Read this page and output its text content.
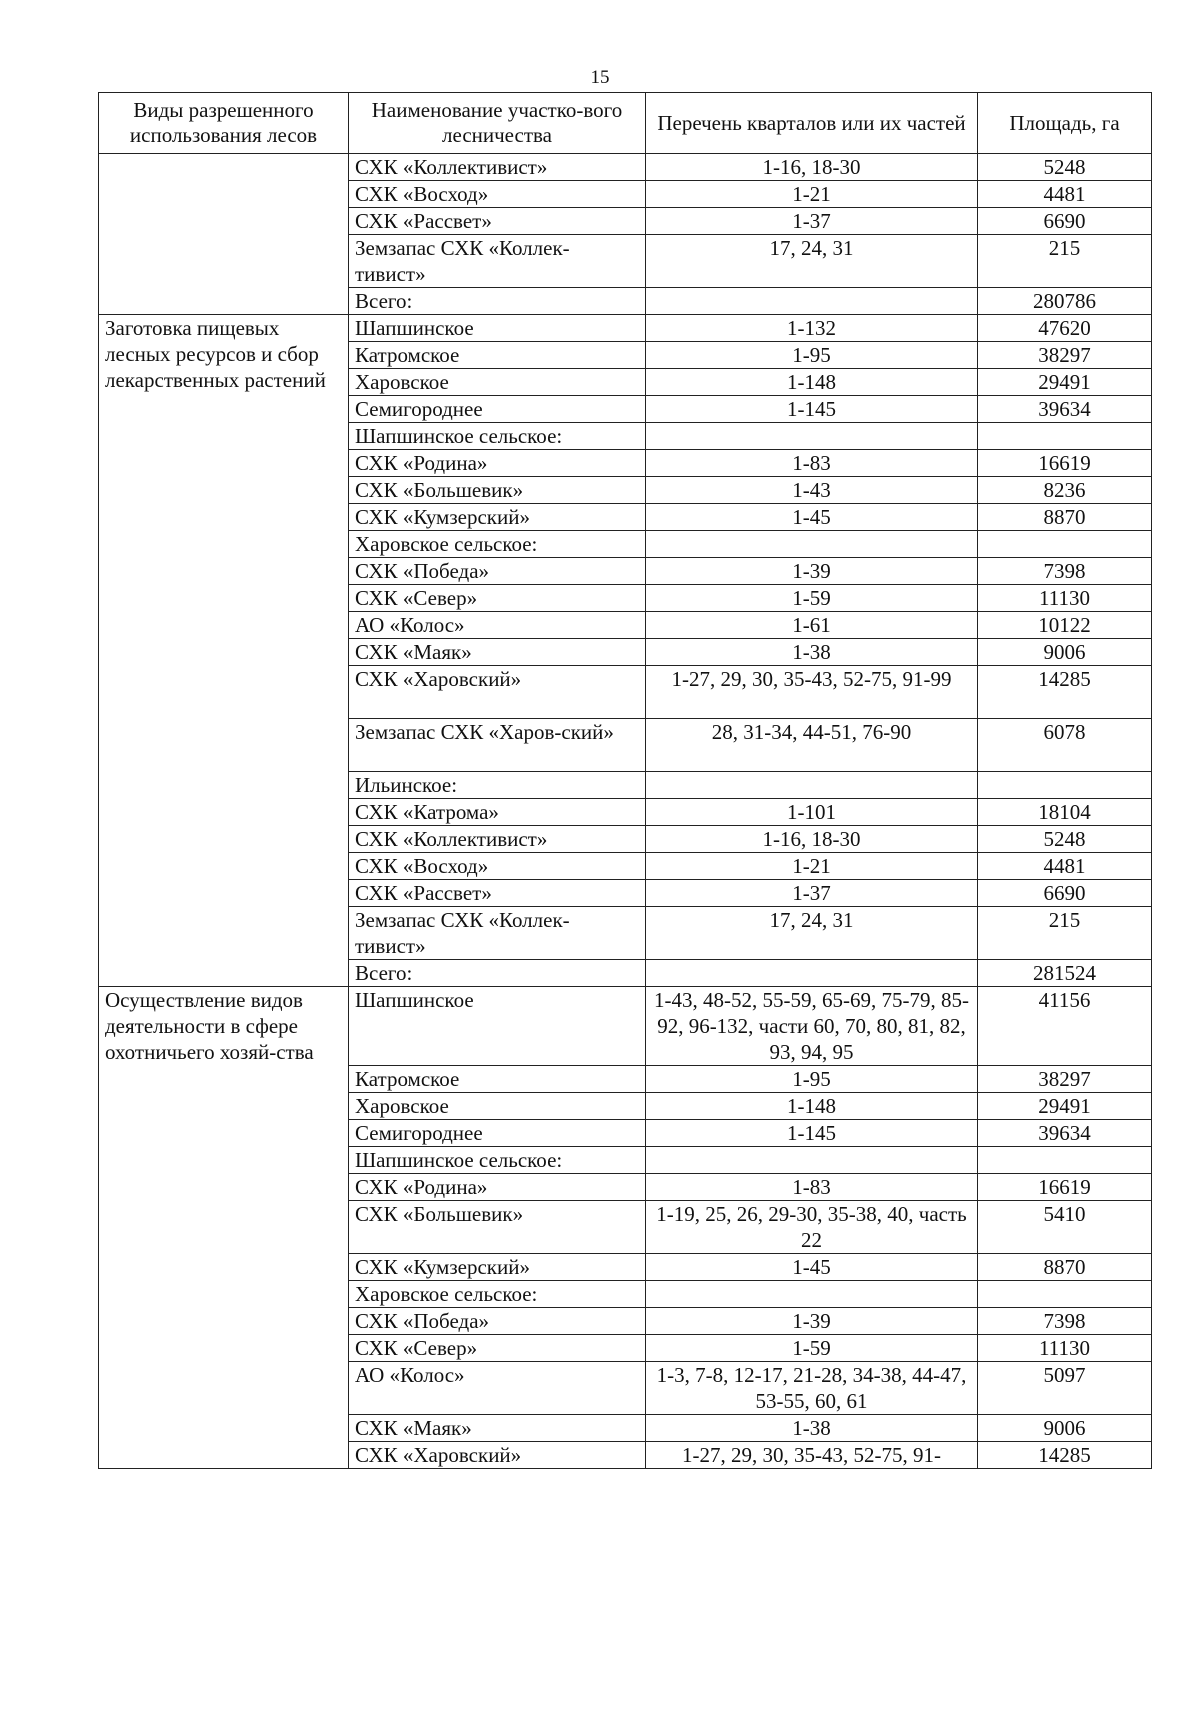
15
Виды разрешенного использования лесов	Наименование участко-вого лесничества	Перечень кварталов или их частей	Площадь, га
	СХК «Коллективист»	1-16, 18-30	5248
	СХК «Восход»	1-21	4481
	СХК «Рассвет»	1-37	6690
	Земзапас СХК «Коллек-тивист»	17, 24, 31	215
	Всего:		280786
Заготовка пищевых лесных ресурсов и сбор лекарственных растений	Шапшинское	1-132	47620
	Катромское	1-95	38297
	Харовское	1-148	29491
	Семигороднее	1-145	39634
	Шапшинское сельское:		
	СХК «Родина»	1-83	16619
	СХК «Большевик»	1-43	8236
	СХК «Кумзерский»	1-45	8870
	Харовское сельское:		
	СХК «Победа»	1-39	7398
	СХК «Север»	1-59	11130
	АО «Колос»	1-61	10122
	СХК «Маяк»	1-38	9006
	СХК «Харовский»	1-27, 29, 30, 35-43, 52-75, 91-99	14285
	Земзапас СХК «Харов-ский»	28, 31-34, 44-51, 76-90	6078
	Ильинское:		
	СХК «Катрома»	1-101	18104
	СХК «Коллективист»	1-16, 18-30	5248
	СХК «Восход»	1-21	4481
	СХК «Рассвет»	1-37	6690
	Земзапас СХК «Коллек-тивист»	17, 24, 31	215
	Всего:		281524
Осуществление видов деятельности в сфере охотничьего хозяй-ства	Шапшинское	1-43, 48-52, 55-59, 65-69, 75-79, 85-92, 96-132, части 60, 70, 80, 81, 82, 93, 94, 95	41156
	Катромское	1-95	38297
	Харовское	1-148	29491
	Семигороднее	1-145	39634
	Шапшинское сельское:		
	СХК «Родина»	1-83	16619
	СХК «Большевик»	1-19, 25, 26, 29-30, 35-38, 40, часть 22	5410
	СХК «Кумзерский»	1-45	8870
	Харовское сельское:		
	СХК «Победа»	1-39	7398
	СХК «Север»	1-59	11130
	АО «Колос»	1-3, 7-8, 12-17, 21-28, 34-38, 44-47, 53-55, 60, 61	5097
	СХК «Маяк»	1-38	9006
	СХК «Харовский»	1-27, 29, 30, 35-43, 52-75, 91-	14285
